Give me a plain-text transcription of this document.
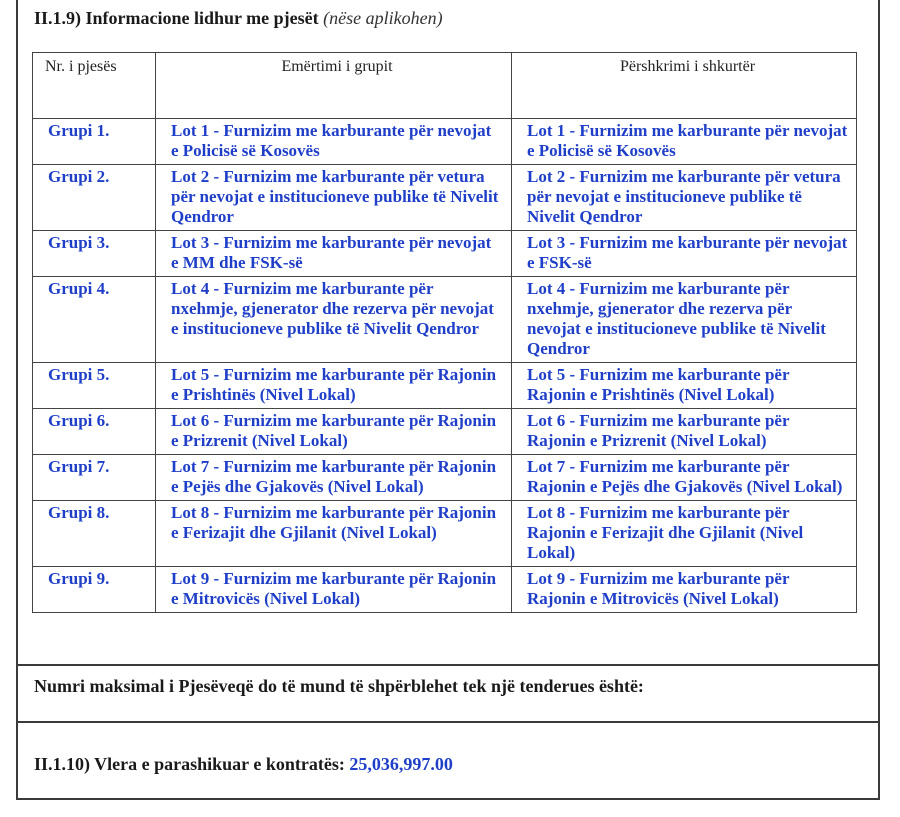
II.1.9) Informacione lidhur me pjesët (nëse aplikohen)
Nr. i pjesës	Emërtimi i grupit	Përshkrimi i shkurtër
Grupi 1.	Lot 1 - Furnizim me karburante për nevojat e Policisë së Kosovës	Lot 1 - Furnizim me karburante për nevojat e Policisë së Kosovës
Grupi 2.	Lot 2 - Furnizim me karburante për vetura për nevojat e institucioneve publike të Nivelit Qendror	Lot 2 - Furnizim me karburante për vetura për nevojat e institucioneve publike të Nivelit Qendror
Grupi 3.	Lot 3 - Furnizim me karburante për nevojat e MM dhe FSK-së	Lot 3 - Furnizim me karburante për nevojat e FSK-së
Grupi 4.	Lot 4 - Furnizim me karburante për nxehmje, gjenerator dhe rezerva për nevojat e institucioneve publike të Nivelit Qendror	Lot 4 - Furnizim me karburante për nxehmje, gjenerator dhe rezerva për nevojat e institucioneve publike të Nivelit Qendror
Grupi 5.	Lot 5 - Furnizim me karburante për Rajonin e Prishtinës (Nivel Lokal)	Lot 5 - Furnizim me karburante për Rajonin e Prishtinës (Nivel Lokal)
Grupi 6.	Lot 6 - Furnizim me karburante për Rajonin e Prizrenit (Nivel Lokal)	Lot 6 - Furnizim me karburante për Rajonin e Prizrenit (Nivel Lokal)
Grupi 7.	Lot 7 - Furnizim me karburante për Rajonin e Pejës dhe Gjakovës (Nivel Lokal)	Lot 7 - Furnizim me karburante për Rajonin e Pejës dhe Gjakovës (Nivel Lokal)
Grupi 8.	Lot 8 - Furnizim me karburante për Rajonin e Ferizajit dhe Gjilanit (Nivel Lokal)	Lot 8 - Furnizim me karburante për Rajonin e Ferizajit dhe Gjilanit (Nivel Lokal)
Grupi 9.	Lot 9 - Furnizim me karburante për Rajonin e Mitrovicës (Nivel Lokal)	Lot 9 - Furnizim me karburante për Rajonin e Mitrovicës (Nivel Lokal)
Numri maksimal i Pjesëveqë do të mund të shpërblehet tek një tenderues është:
II.1.10) Vlera e parashikuar e kontratës: 25,036,997.00
